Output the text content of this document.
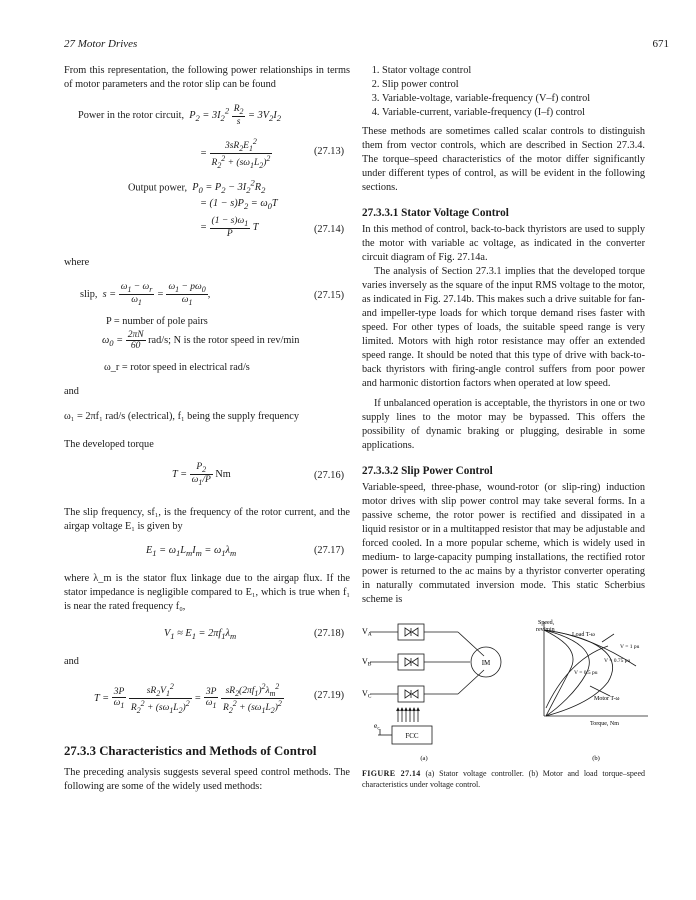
27 Motor Drives	671
From this representation, the following power relationships in terms of motor parameters and the rotor slip can be found
Power in the rotor circuit,  $P_2 = 3I_2^2 \frac{R_2}{s} = 3V_2I_2$
= $\frac{3sR_2E_1^2}{R_2^2 + (s\omega_1L_2)^2}$	(27.13)
Output power,  $P_0 = P_2 - 3I_2^2R_2$
= $(1 - s)P_2 = \omega_0T$
= $\frac{(1 - s)\omega_1}{P}$ T	(27.14)
where
slip,  $s = \frac{\omega_1 - \omega_r}{\omega_1} = \frac{\omega_1 - p\omega_0}{\omega_1}$ ,	(27.15)
P = number of pole pairs
$\omega_0 = \frac{2\pi N}{60} rad/s$; N is the rotor speed in rev/min
ω_r = rotor speed in electrical rad/s
and
ω₁ = 2πf₁ rad/s (electrical), f₁ being the supply frequency
The developed torque
$T = \frac{P_2}{\omega_1/P}$ Nm	(27.16)
The slip frequency, sf₁, is the frequency of the rotor current, and the airgap voltage E₁ is given by
$E_1 = \omega_1L_mI_m = \omega_1\lambda_m$	(27.17)
where λ_m is the stator flux linkage due to the airgap flux. If the stator impedance is negligible compared to E₁, which is true when f₁ is near the rated frequency f₀,
$V_1 \approx E_1 = 2\pi f_1\lambda_m$	(27.18)
and
$T = \frac{3P}{\omega_1}$
$\frac{sR_2V_1^2}{R_2^2 + (s\omega_1L_2)^2} = \frac{3P}{\omega_1}$
$\frac{sR_2(2\pi f_1)^2\lambda_m^2}{R_2^2 + (s\omega_1L_2)^2}$	(27.19)
27.3.3 Characteristics and Methods of Control
The preceding analysis suggests several speed control methods. The following are some of the widely used methods:
1. Stator voltage control
2. Slip power control
3. Variable-voltage, variable-frequency (V–f) control
4. Variable-current, variable-frequency (I–f) control
These methods are sometimes called scalar controls to distinguish them from vector controls, which are described in Section 27.3.4. The torque–speed characteristics of the motor differ significantly under different types of control, as will be evident in the following sections.
27.3.3.1 Stator Voltage Control
In this method of control, back-to-back thyristors are used to supply the motor with variable ac voltage, as indicated in the converter circuit diagram of Fig. 27.14a.
The analysis of Section 27.3.1 implies that the developed torque varies inversely as the square of the input RMS voltage to the motor, as indicated in Fig. 27.14b. This makes such a drive suitable for fan- and impeller-type loads for which torque demand rises faster with speed. For other types of loads, the suitable speed range is very limited. Motors with high rotor resistance may offer an extended speed range. It should be noted that this type of drive with back-to-back thyristors with firing-angle control suffers from poor power and harmonic distortion factors when operated at low speed.
If unbalanced operation is acceptable, the thyristors in one or two supply lines to the motor may be bypassed. This offers the possibility of dynamic braking or plugging, desirable in some applications.
27.3.3.2 Slip Power Control
Variable-speed, three-phase, wound-rotor (or slip-ring) induction motor drives with slip power control may take several forms. In a passive scheme, the rotor power is rectified and dissipated in a liquid resistor or in a multitapped resistor that may be adjustable and forced cooled. In a more popular scheme, which is widely used in medium- to large-capacity pumping installations, the rectified rotor power is returned to the ac mains by a thyristor converter operating in naturally commutated inversion mode. This static Scherbius scheme is
VA
VB
VC
$e_c$
IM
FCC
(a)
Speed,
rev/min
Load T-ω
V = 1 pu
V = 0.75 pu
V = 0.5 pu
Motor T-ω
Torque, Nm
(b)
FIGURE 27.14 (a) Stator voltage controller. (b) Motor and load torque–speed characteristics under voltage control.
